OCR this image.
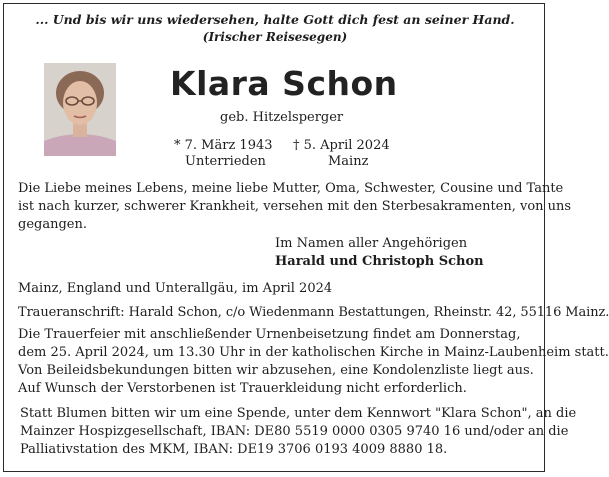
... Und bis wir uns wiedersehen, halte Gott dich fest an seiner Hand.
(Irischer Reisesegen)
Klara Schon
geb. Hitzelsperger
* 7. März 1943
Unterrieden
† 5. April 2024
Mainz
Die Liebe meines Lebens, meine liebe Mutter, Oma, Schwester, Cousine und Tante
ist nach kurzer, schwerer Krankheit, versehen mit den Sterbesakramenten, von uns
gegangen.
Im Namen aller Angehörigen
Harald und Christoph Schon
Mainz, England und Unterallgäu, im April 2024
Traueranschrift: Harald Schon, c/o Wiedenmann Bestattungen, Rheinstr. 42, 55116 Mainz.
Die Trauerfeier mit anschließender Urnenbeisetzung findet am Donnerstag,
dem 25. April 2024, um 13.30 Uhr in der katholischen Kirche in Mainz-Laubenheim statt.
Von Beileidsbekundungen bitten wir abzusehen, eine Kondolenzliste liegt aus.
Auf Wunsch der Verstorbenen ist Trauerkleidung nicht erforderlich.
Statt Blumen bitten wir um eine Spende, unter dem Kennwort "Klara Schon", an die
Mainzer Hospizgesellschaft, IBAN: DE80 5519 0000 0305 9740 16 und/oder an die
Palliativstation des MKM, IBAN: DE19 3706 0193 4009 8880 18.
